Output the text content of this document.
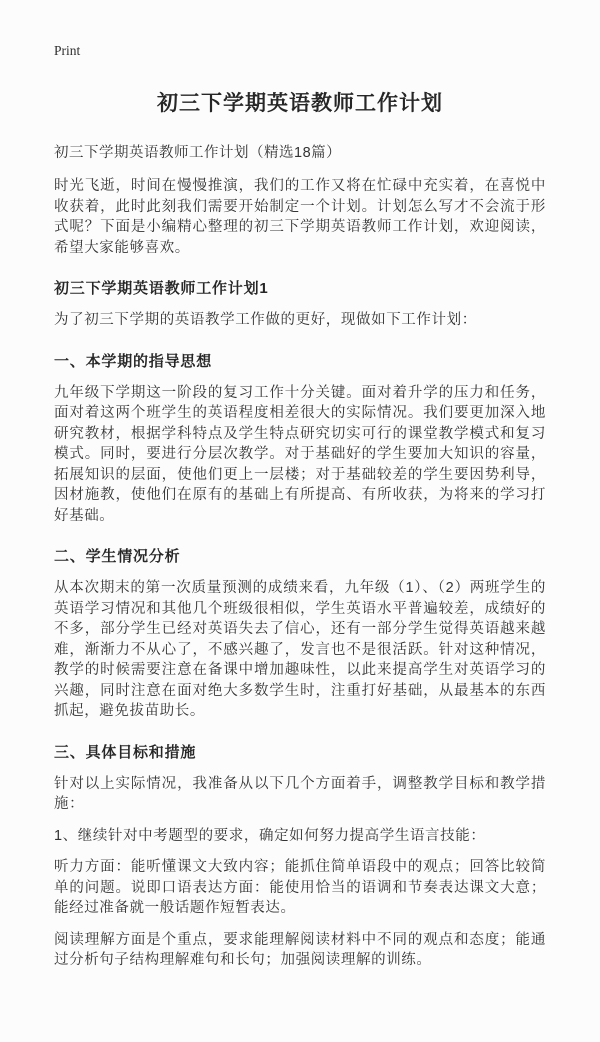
Print
初三下学期英语教师工作计划
初三下学期英语教师工作计划（精选18篇）

时光飞逝，时间在慢慢推演，我们的工作又将在忙碌中充实着，在喜悦中收获着，此时此刻我们需要开始制定一个计划。计划怎么写才不会流于形式呢？下面是小编精心整理的初三下学期英语教师工作计划，欢迎阅读，希望大家能够喜欢。

初三下学期英语教师工作计划1

为了初三下学期的英语教学工作做的更好，现做如下工作计划：

一、本学期的指导思想

九年级下学期这一阶段的复习工作十分关键。面对着升学的压力和任务，面对着这两个班学生的英语程度相差很大的实际情况。我们要更加深入地研究教材，根据学科特点及学生特点研究切实可行的课堂教学模式和复习模式。同时，要进行分层次教学。对于基础好的学生要加大知识的容量，拓展知识的层面，使他们更上一层楼；对于基础较差的学生要因势利导，因材施教，使他们在原有的基础上有所提高、有所收获，为将来的学习打好基础。

二、学生情况分析

从本次期末的第一次质量预测的成绩来看，九年级（1）、（2）两班学生的英语学习情况和其他几个班级很相似，学生英语水平普遍较差，成绩好的不多，部分学生已经对英语失去了信心，还有一部分学生觉得英语越来越难，渐渐力不从心了，不感兴趣了，发言也不是很活跃。针对这种情况，教学的时候需要注意在备课中增加趣味性，以此来提高学生对英语学习的兴趣，同时注意在面对绝大多数学生时，注重打好基础，从最基本的东西抓起，避免拔苗助长。

三、具体目标和措施

针对以上实际情况，我准备从以下几个方面着手，调整教学目标和教学措施：

1、继续针对中考题型的要求，确定如何努力提高学生语言技能：

听力方面：能听懂课文大致内容；能抓住简单语段中的观点；回答比较简单的问题。说即口语表达方面：能使用恰当的语调和节奏表达课文大意；能经过准备就一般话题作短暂表达。

阅读理解方面是个重点，要求能理解阅读材料中不同的观点和态度；能通过分析句子结构理解难句和长句；加强阅读理解的训练。
